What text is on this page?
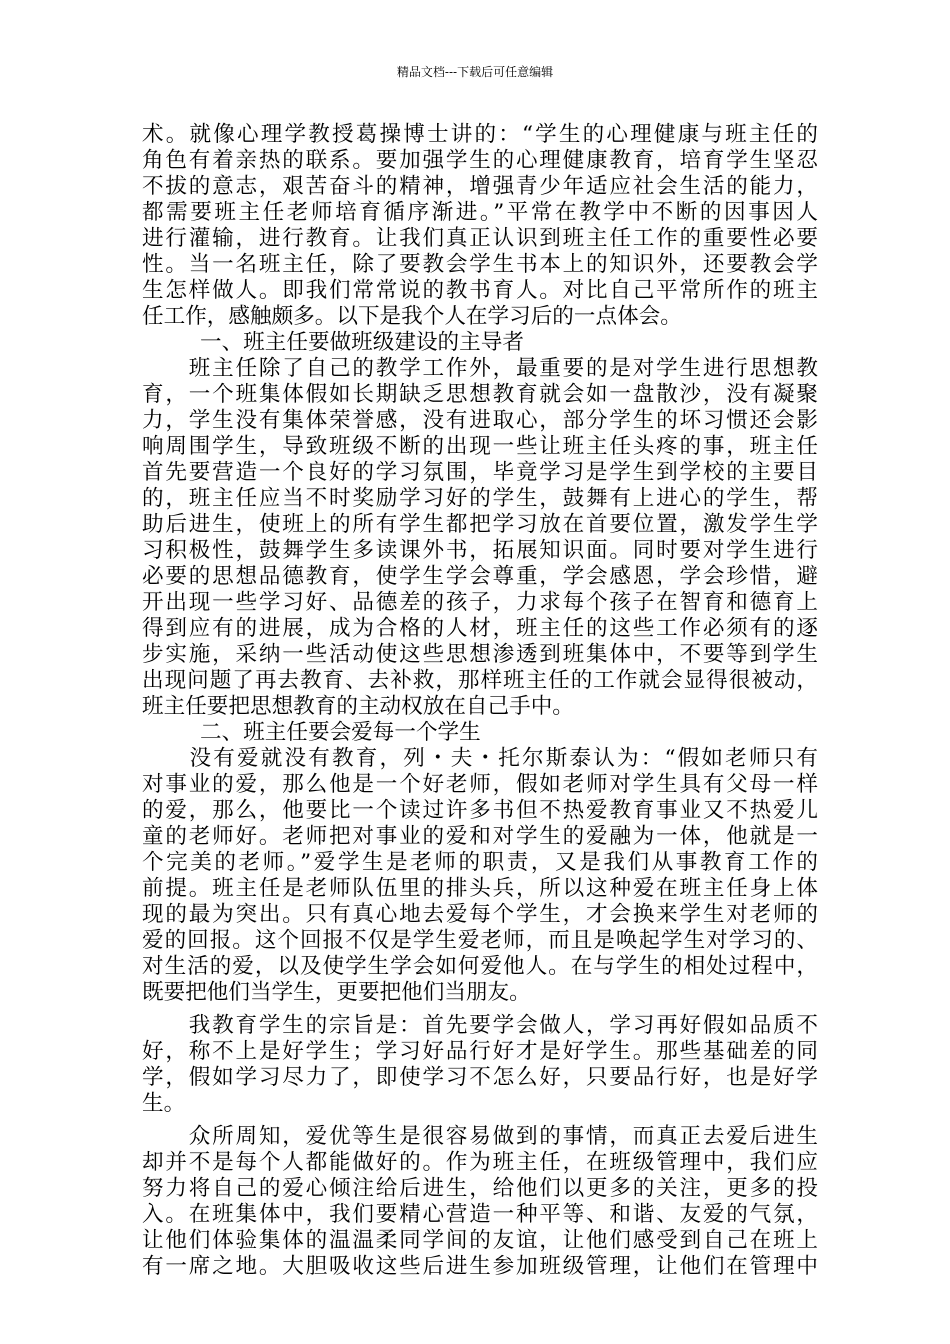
精品文档---下载后可任意编辑
术。就像心理学教授葛操博士讲的：“学生的心理健康与班主任的
角色有着亲热的联系。要加强学生的心理健康教育，培育学生坚忍
不拔的意志，艰苦奋斗的精神，增强青少年适应社会生活的能力，
都需要班主任老师培育循序渐进。”平常在教学中不断的因事因人
进行灌输，进行教育。让我们真正认识到班主任工作的重要性必要
性。当一名班主任，除了要教会学生书本上的知识外，还要教会学
生怎样做人。即我们常常说的教书育人。对比自己平常所作的班主
任工作，感触颇多。以下是我个人在学习后的一点体会。
一、班主任要做班级建设的主导者
　　班主任除了自己的教学工作外，最重要的是对学生进行思想教
育，一个班集体假如长期缺乏思想教育就会如一盘散沙，没有凝聚
力，学生没有集体荣誉感，没有进取心，部分学生的坏习惯还会影
响周围学生，导致班级不断的出现一些让班主任头疼的事，班主任
首先要营造一个良好的学习氛围，毕竟学习是学生到学校的主要目
的，班主任应当不时奖励学习好的学生，鼓舞有上进心的学生，帮
助后进生，使班上的所有学生都把学习放在首要位置，激发学生学
习积极性，鼓舞学生多读课外书，拓展知识面。同时要对学生进行
必要的思想品德教育，使学生学会尊重，学会感恩，学会珍惜，避
开出现一些学习好、品德差的孩子，力求每个孩子在智育和德育上
得到应有的进展，成为合格的人材，班主任的这些工作必须有的逐
步实施，采纳一些活动使这些思想渗透到班集体中，不要等到学生
出现问题了再去教育、去补救，那样班主任的工作就会显得很被动，
班主任要把思想教育的主动权放在自己手中。
二、班主任要会爱每一个学生
　　没有爱就没有教育，列・夫・托尔斯泰认为：“假如老师只有
对事业的爱，那么他是一个好老师，假如老师对学生具有父母一样
的爱，那么，他要比一个读过许多书但不热爱教育事业又不热爱儿
童的老师好。老师把对事业的爱和对学生的爱融为一体，他就是一
个完美的老师。”爱学生是老师的职责，又是我们从事教育工作的
前提。班主任是老师队伍里的排头兵，所以这种爱在班主任身上体
现的最为突出。只有真心地去爱每个学生，才会换来学生对老师的
爱的回报。这个回报不仅是学生爱老师，而且是唤起学生对学习的、
对生活的爱，以及使学生学会如何爱他人。在与学生的相处过程中，
既要把他们当学生，更要把他们当朋友。
　　我教育学生的宗旨是：首先要学会做人，学习再好假如品质不
好，称不上是好学生；学习好品行好才是好学生。那些基础差的同
学，假如学习尽力了，即使学习不怎么好，只要品行好，也是好学
生。
　　众所周知，爱优等生是很容易做到的事情，而真正去爱后进生
却并不是每个人都能做好的。作为班主任，在班级管理中，我们应
努力将自己的爱心倾注给后进生，给他们以更多的关注，更多的投
入。在班集体中，我们要精心营造一种平等、和谐、友爱的气氛，
让他们体验集体的温温柔同学间的友谊，让他们感受到自己在班上
有一席之地。大胆吸收这些后进生参加班级管理，让他们在管理中
